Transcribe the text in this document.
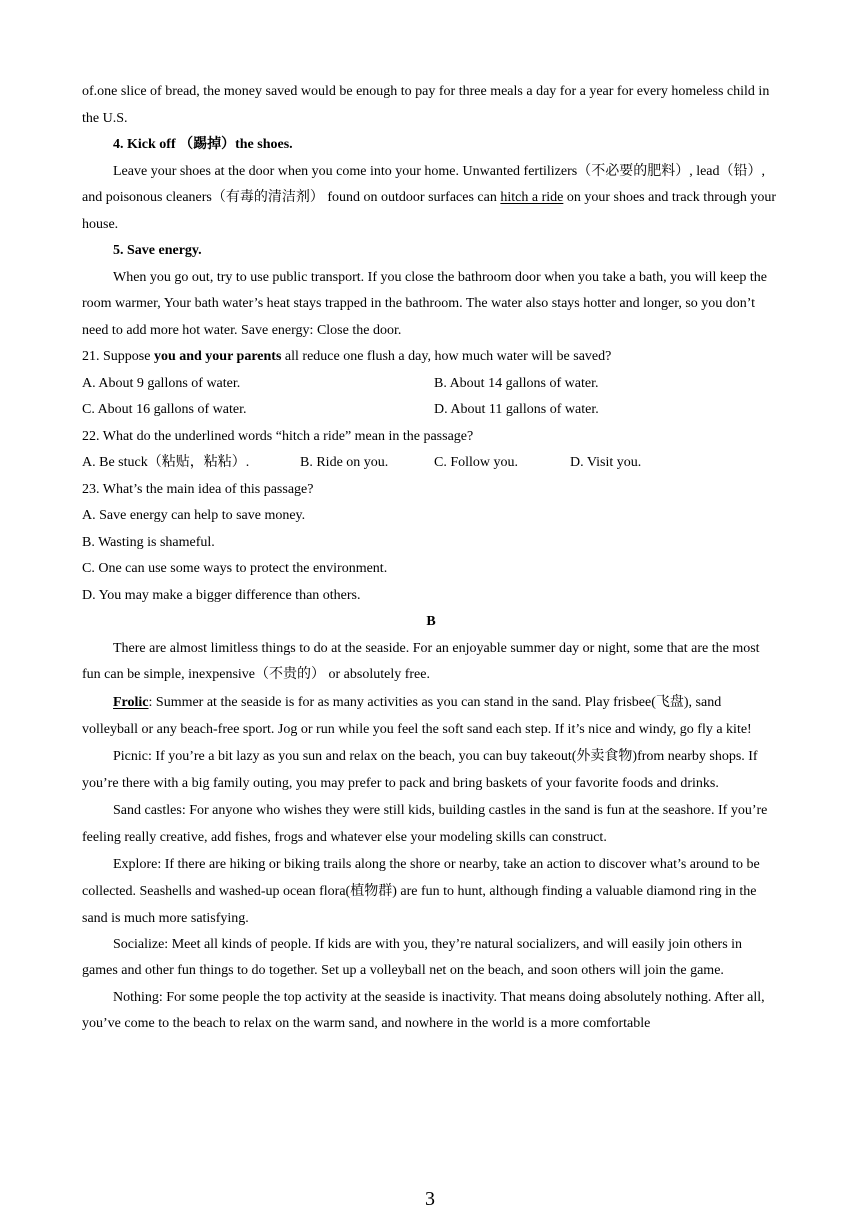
of.one slice of bread, the money saved would be enough to pay for three meals a day for a year for every homeless child in the U.S.

4. Kick off （踢掉）the shoes.

Leave your shoes at the door when you come into your home. Unwanted fertilizers（不必要的肥料）, lead（铅）, and poisonous cleaners（有毒的清洁剂） found on outdoor surfaces can hitch a ride on your shoes and track through your house.

5. Save energy.

When you go out, try to use public transport. If you close the bathroom door when you take a bath, you will keep the room warmer, Your bath water’s heat stays trapped in the bathroom. The water also stays hotter and longer, so you don’t need to add more hot water. Save energy: Close the door.

21. Suppose you and your parents all reduce one flush a day, how much water will be saved?

A. About 9 gallons of water.	B. About 14 gallons of water.
C. About 16 gallons of water.	D. About 11 gallons of water.

22. What do the underlined words “hitch a ride” mean in the passage?

A. Be stuck（粘贴，粘粘）.	B. Ride on you.	C. Follow you.	D. Visit you.

23. What’s the main idea of this passage?

A. Save energy can help to save money.

B. Wasting is shameful.

C. One can use some ways to protect the environment.

D. You may make a bigger difference than others.

B

There are almost limitless things to do at the seaside. For an enjoyable summer day or night, some that are the most fun can be simple, inexpensive（不贵的） or absolutely free.

Frolic: Summer at the seaside is for as many activities as you can stand in the sand. Play frisbee(飞盘), sand volleyball or any beach-free sport. Jog or run while you feel the soft sand each step. If it’s nice and windy, go fly a kite!

Picnic: If you’re a bit lazy as you sun and relax on the beach, you can buy takeout(外卖食物)from nearby shops. If you’re there with a big family outing, you may prefer to pack and bring baskets of your favorite foods and drinks.

Sand castles: For anyone who wishes they were still kids, building castles in the sand is fun at the seashore. If you’re feeling really creative, add fishes, frogs and whatever else your modeling skills can construct.

Explore: If there are hiking or biking trails along the shore or nearby, take an action to discover what’s around to be collected. Seashells and washed-up ocean flora(植物群) are fun to hunt, although finding a valuable diamond ring in the sand is much more satisfying.

Socialize: Meet all kinds of people. If kids are with you, they’re natural socializers, and will easily join others in games and other fun things to do together. Set up a volleyball net on the beach, and soon others will join the game.

Nothing: For some people the top activity at the seaside is inactivity. That means doing absolutely nothing. After all, you’ve come to the beach to relax on the warm sand, and nowhere in the world is a more comfortable

3
